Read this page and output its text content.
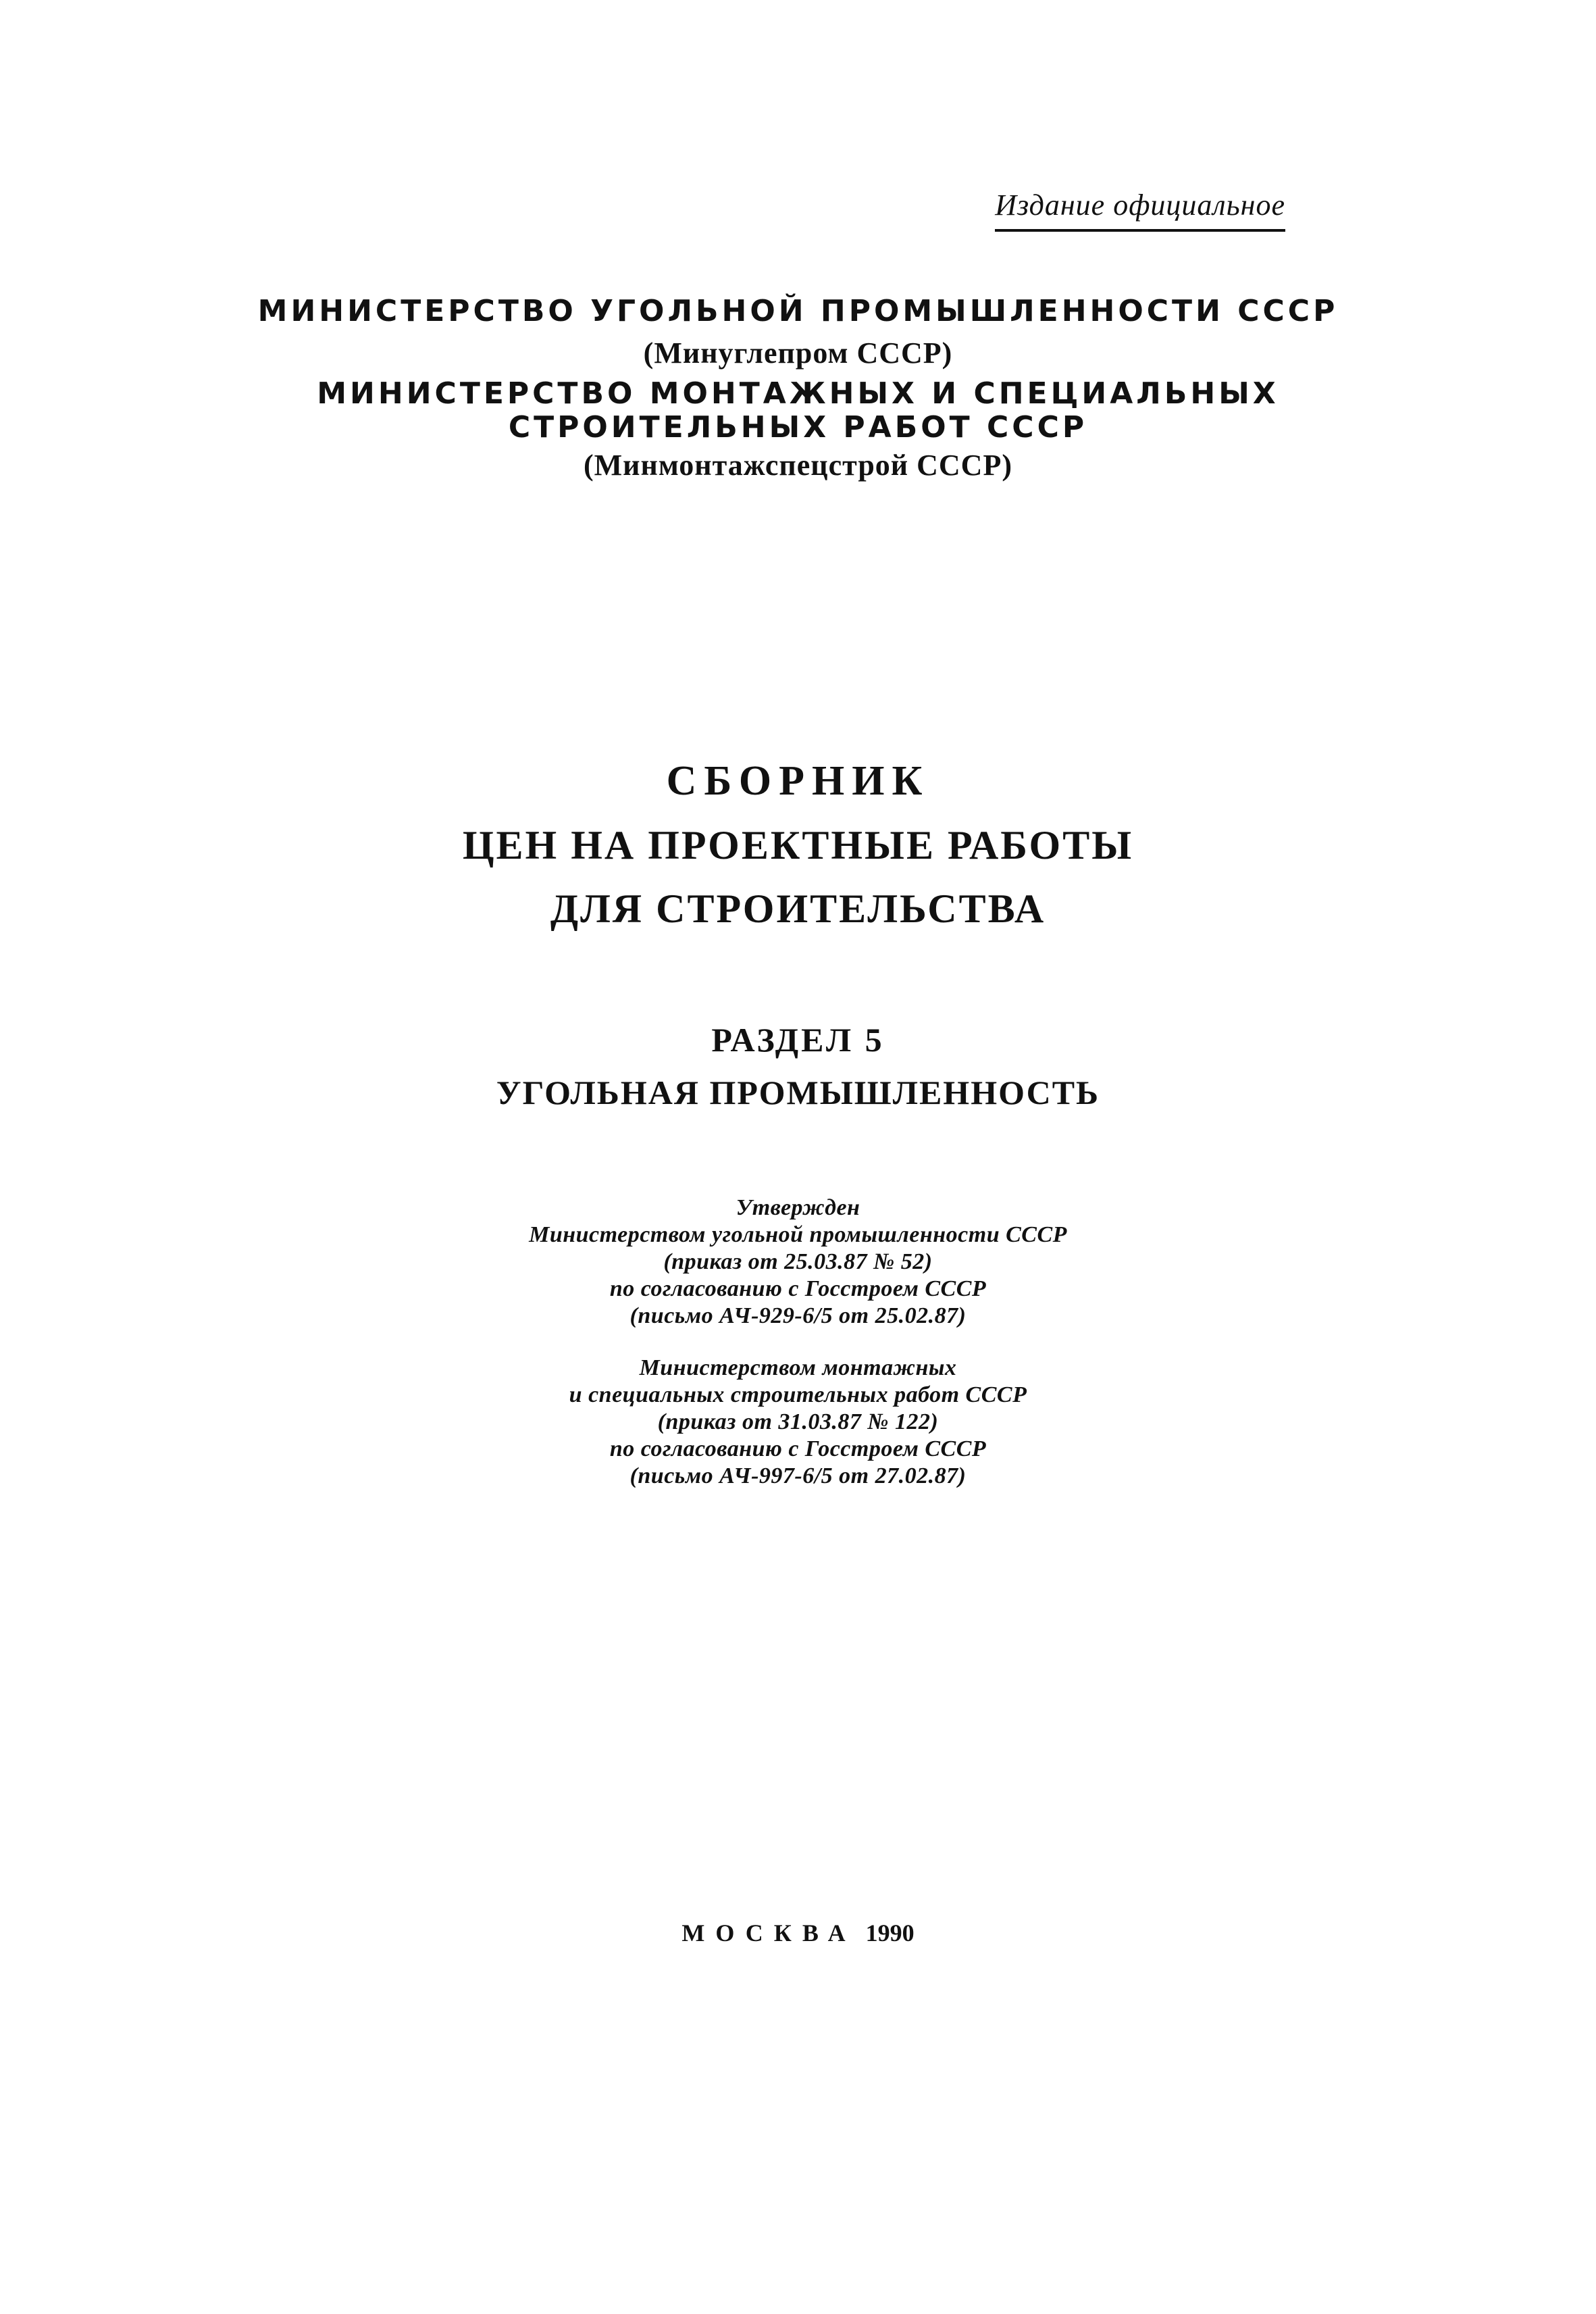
Издание официальное
МИНИСТЕРСТВО УГОЛЬНОЙ ПРОМЫШЛЕННОСТИ СССР
(Минуглепром СССР)
МИНИСТЕРСТВО МОНТАЖНЫХ И СПЕЦИАЛЬНЫХ
СТРОИТЕЛЬНЫХ РАБОТ СССР
(Минмонтажспецстрой СССР)
СБОРНИК
ЦЕН НА ПРОЕКТНЫЕ РАБОТЫ
ДЛЯ СТРОИТЕЛЬСТВА
РАЗДЕЛ 5
УГОЛЬНАЯ ПРОМЫШЛЕННОСТЬ
Утвержден
Министерством угольной промышленности СССР
(приказ от 25.03.87 № 52)
по согласованию с Госстроем СССР
(письмо АЧ-929-6/5 от 25.02.87)
Министерством монтажных
и специальных строительных работ СССР
(приказ от 31.03.87 № 122)
по согласованию с Госстроем СССР
(письмо АЧ-997-6/5 от 27.02.87)
МОСКВА 1990
